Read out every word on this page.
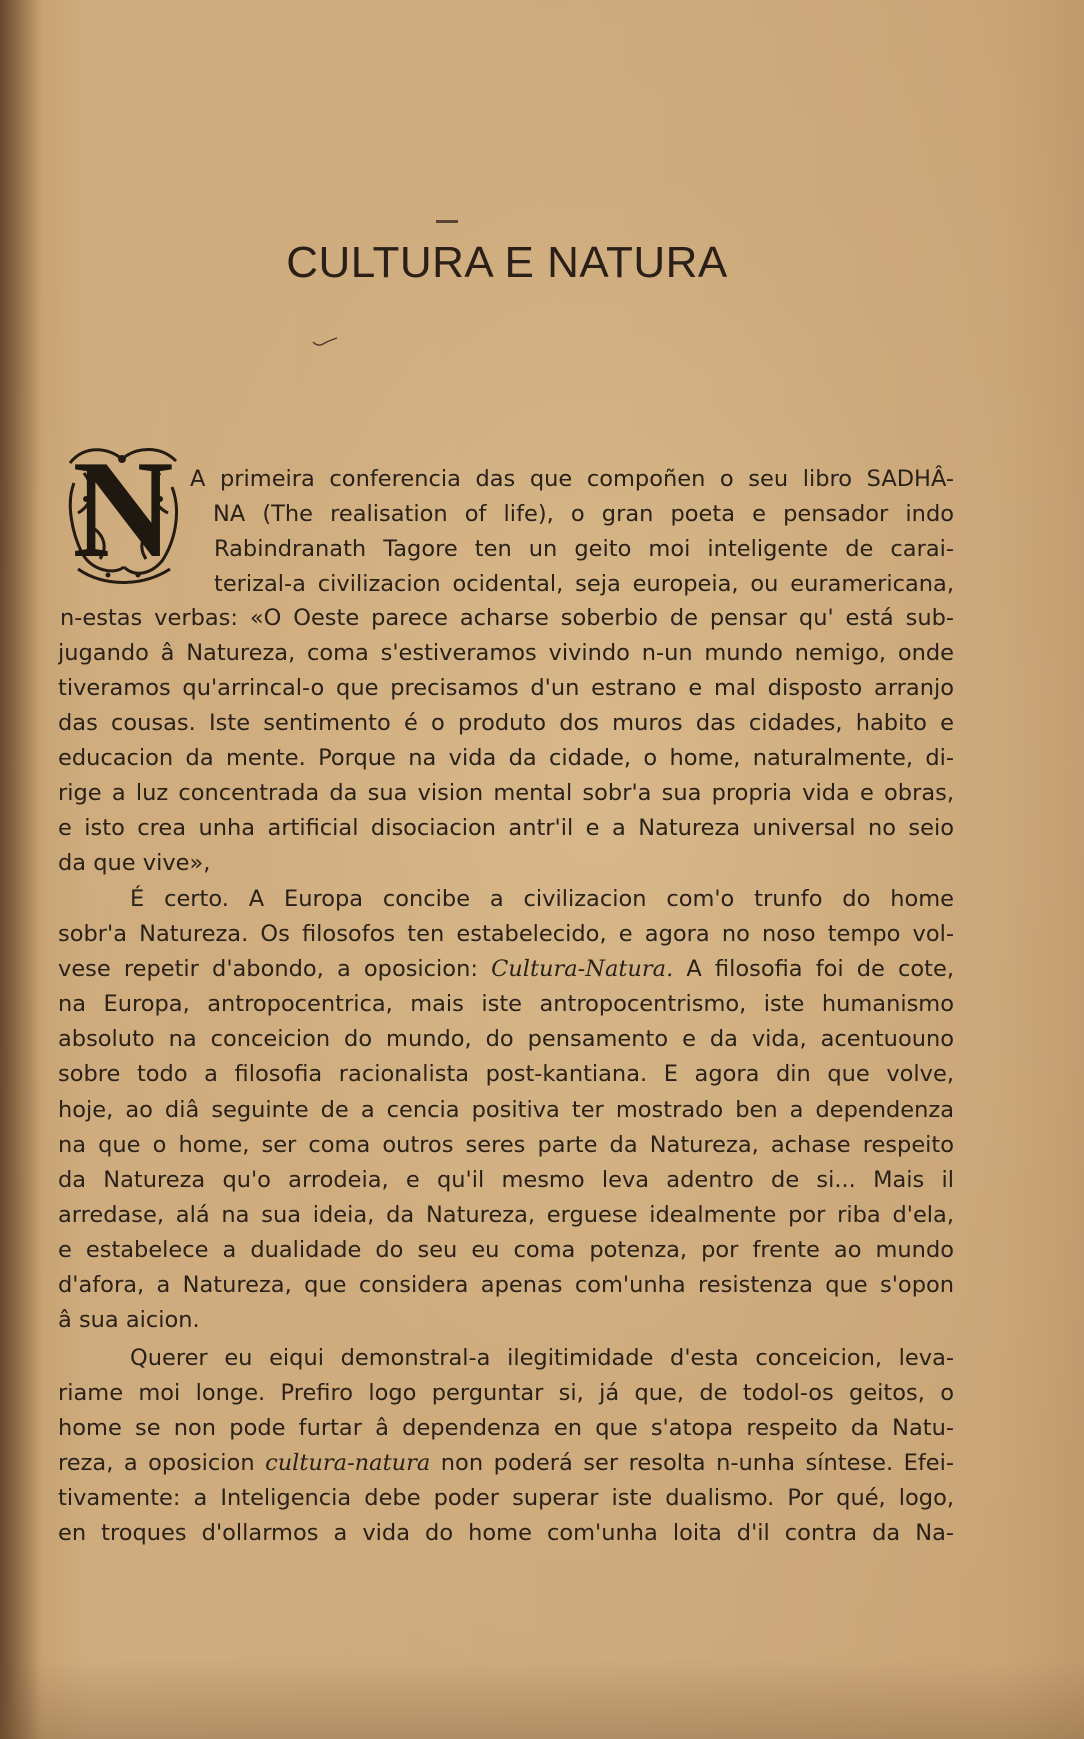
CULTURA E NATURA
N A primeira conferencia das que compoñen o seu libro SADHÂ-

NA (The realisation of life), o gran poeta e pensador indo

Rabindranath Tagore ten un geito moi inteligente de carai-

terizal-a civilizacion ocidental, seja europeia, ou euramericana,

n-estas verbas: «O Oeste parece acharse soberbio de pensar qu' está sub-

jugando â Natureza, coma s'estiveramos vivindo n-un mundo nemigo, onde

tiveramos qu'arrincal-o que precisamos d'un estrano e mal disposto arranjo

das cousas. Iste sentimento é o produto dos muros das cidades, habito e

educacion da mente. Porque na vida da cidade, o home, naturalmente, di-

rige a luz concentrada da sua vision mental sobr'a sua propria vida e obras,

e isto crea unha artificial disociacion antr'il e a Natureza universal no seio

da que vive»,

É certo. A Europa concibe a civilizacion com'o trunfo do home

sobr'a Natureza. Os filosofos ten estabelecido, e agora no noso tempo vol-

vese repetir d'abondo, a oposicion: Cultura-Natura. A filosofia foi de cote,

na Europa, antropocentrica, mais iste antropocentrismo, iste humanismo

absoluto na conceicion do mundo, do pensamento e da vida, acentuouno

sobre todo a filosofia racionalista post-kantiana. E agora din que volve,

hoje, ao diâ seguinte de a cencia positiva ter mostrado ben a dependenza

na que o home, ser coma outros seres parte da Natureza, achase respeito

da Natureza qu'o arrodeia, e qu'il mesmo leva adentro de si... Mais il

arredase, alá na sua ideia, da Natureza, erguese idealmente por riba d'ela,

e estabelece a dualidade do seu eu coma potenza, por frente ao mundo

d'afora, a Natureza, que considera apenas com'unha resistenza que s'opon

â sua aicion.

Querer eu eiqui demonstral-a ilegitimidade d'esta conceicion, leva-

riame moi longe. Prefiro logo perguntar si, já que, de todol-os geitos, o

home se non pode furtar â dependenza en que s'atopa respeito da Natu-

reza, a oposicion cultura-natura non poderá ser resolta n-unha síntese. Efei-

tivamente: a Inteligencia debe poder superar iste dualismo. Por qué, logo,

en troques d'ollarmos a vida do home com'unha loita d'il contra da Na-
